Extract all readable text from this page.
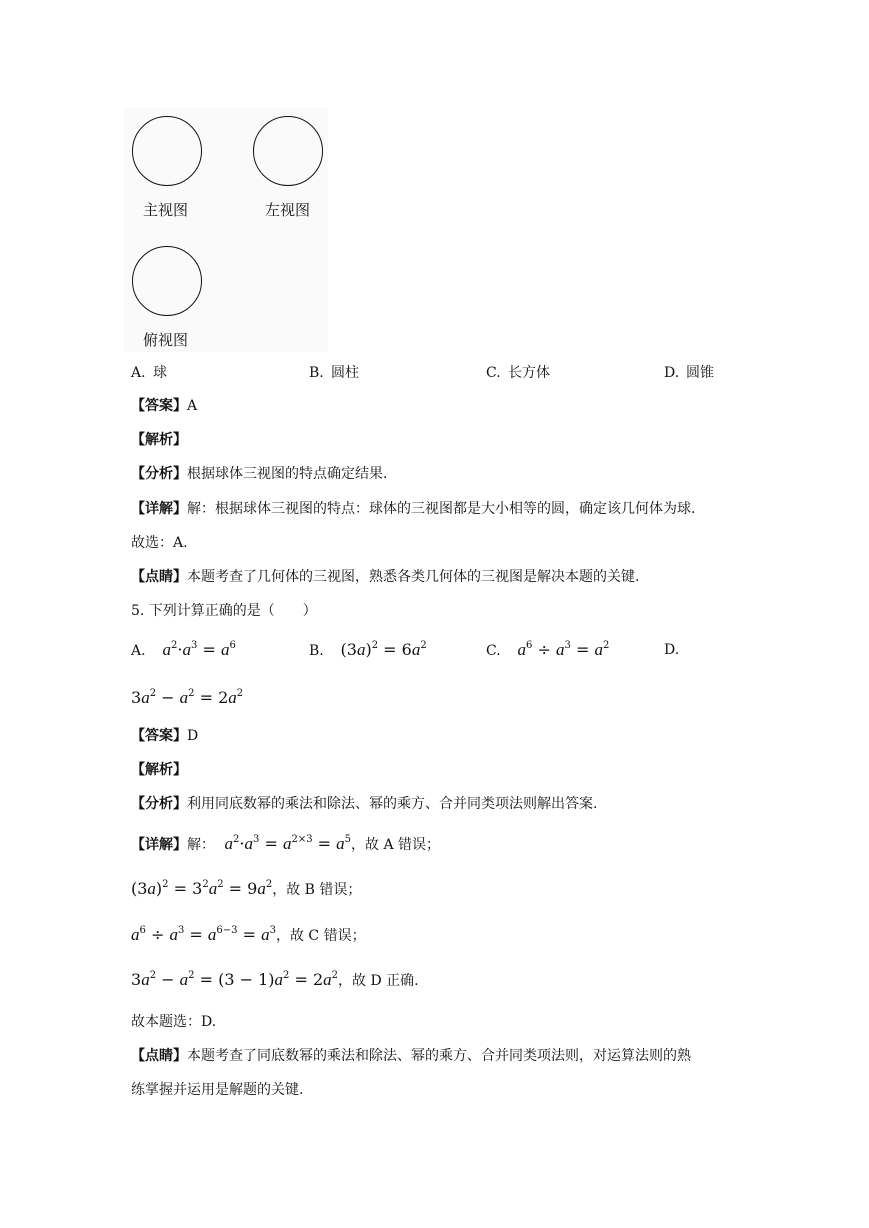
主视图	左视图
俯视图
A. 球	B. 圆柱	C. 长方体	D. 圆锥
【答案】A
【解析】
【分析】根据球体三视图的特点确定结果.
【详解】解：根据球体三视图的特点：球体的三视图都是大小相等的圆，确定该几何体为球.
故选：A.
【点睛】本题考查了几何体的三视图，熟悉各类几何体的三视图是解决本题的关键.
5. 下列计算正确的是（　　）
A. $a^2\cdot a^3 = a^6$	B.  $(3a)^2 = 6a^2$	C. $a^6 \div a^3 = a^2$	D.
$3a^2 - a^2 = 2a^2$
【答案】D
【解析】
【分析】利用同底数幂的乘法和除法、幂的乘方、合并同类项法则解出答案.
【详解】解： $a^2\cdot a^3 = a^{2\times 3} = a^5$，故 A 错误；
$(3a)^2 = 3^2a^2 = 9a^2$，故 B 错误；
$a^6 \div a^3 = a^{6-3} = a^3$，故 C 错误；
$3a^2 - a^2 = (3 - 1)a^2 = 2a^2$，故 D 正确.
故本题选：D.
【点睛】本题考查了同底数幂的乘法和除法、幂的乘方、合并同类项法则，对运算法则的熟
练掌握并运用是解题的关键.
